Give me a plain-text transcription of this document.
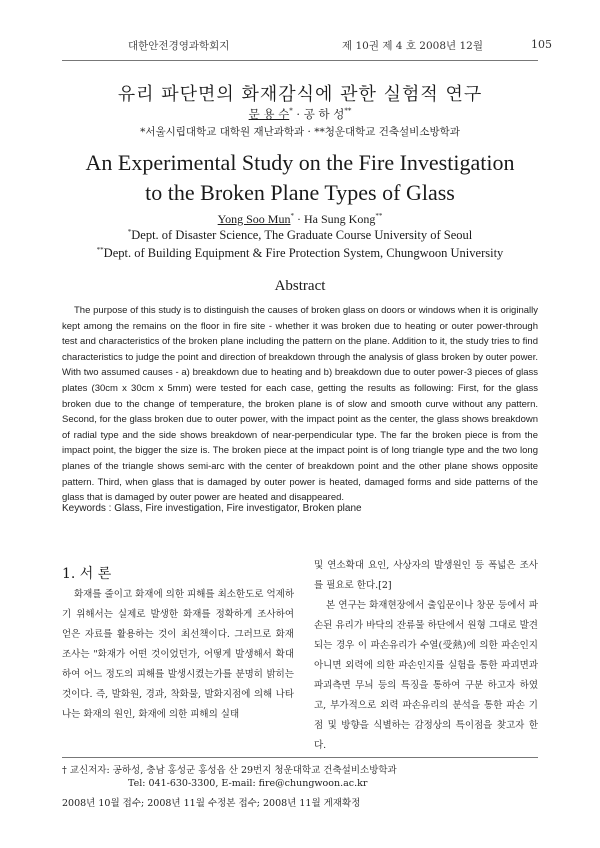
대한안전경영과학회지	제 10권 제 4 호 2008년 12월	105
유리 파단면의 화재감식에 관한 실험적 연구
문 용 수* · 공 하 성**
*서울시립대학교 대학원 재난과학과 · **청운대학교 건축설비소방학과
An Experimental Study on the Fire Investigation
to the Broken Plane Types of Glass
Yong Soo Mun* · Ha Sung Kong**
*Dept. of Disaster Science, The Graduate Course University of Seoul
**Dept. of Building Equipment & Fire Protection System, Chungwoon University
Abstract
The purpose of this study is to distinguish the causes of broken glass on doors or windows when it is originally kept among the remains on the floor in fire site - whether it was broken due to heating or outer power-through test and characteristics of the broken plane including the pattern on the plane. Addition to it, the study tries to find characteristics to judge the point and direction of breakdown through the analysis of glass broken by outer power. With two assumed causes - a) breakdown due to heating and b) breakdown due to outer power-3 pieces of glass plates (30cm x 30cm x 5mm) were tested for each case, getting the results as following: First, for the glass broken due to the change of temperature, the broken plane is of slow and smooth curve without any pattern. Second, for the glass broken due to outer power, with the impact point as the center, the glass shows breakdown of radial type and the side shows breakdown of near-perpendicular type. The far the broken piece is from the impact point, the bigger the size is. The broken piece at the impact point is of long triangle type and the two long planes of the triangle shows semi-arc with the center of breakdown point and the other plane shows opposite pattern. Third, when glass that is damaged by outer power is heated, damaged forms and side patterns of the glass that is damaged by outer power are heated and disappeared.
Keywords : Glass, Fire investigation, Fire investigator, Broken plane
1. 서 론

화재를 줄이고 화재에 의한 피해를 최소한도로 억제하기 위해서는 실제로 발생한 화재를 정확하게 조사하여 얻은 자료를 활용하는 것이 최선책이다. 그러므로 화재조사는 "화재가 어떤 것이었던가, 어떻게 발생해서 확대하여 어느 정도의 피해를 발생시켰는가를 분명히 밝히는 것이다. 즉, 발화원, 경과, 착화물, 발화지점에 의해 나타나는 화재의 원인, 화재에 의한 피해의 실태

및 연소확대 요인, 사상자의 발생원인 등 폭넓은 조사를 필요로 한다.[2]

본 연구는 화재현장에서 출입문이나 창문 등에서 파손된 유리가 바닥의 잔류물 하단에서 원형 그대로 발견되는 경우 이 파손유리가 수열(受熱)에 의한 파손인지 아니면 외력에 의한 파손인지를 실험을 통한 파괴면과 파괴측면 무늬 등의 특징을 통하여 구분 하고자 하였고, 부가적으로 외력 파손유리의 분석을 통한 파손 기점 및 방향을 식별하는 감정상의 특이점을 찾고자 한다.

† 교신저자: 공하성, 충남 홍성군 홍성읍 산 29번지 청운대학교 건축설비소방학과
Tel: 041-630-3300, E-mail: fire@chungwoon.ac.kr
2008년 10월 접수; 2008년 11월 수정본 접수; 2008년 11월 게재확정
